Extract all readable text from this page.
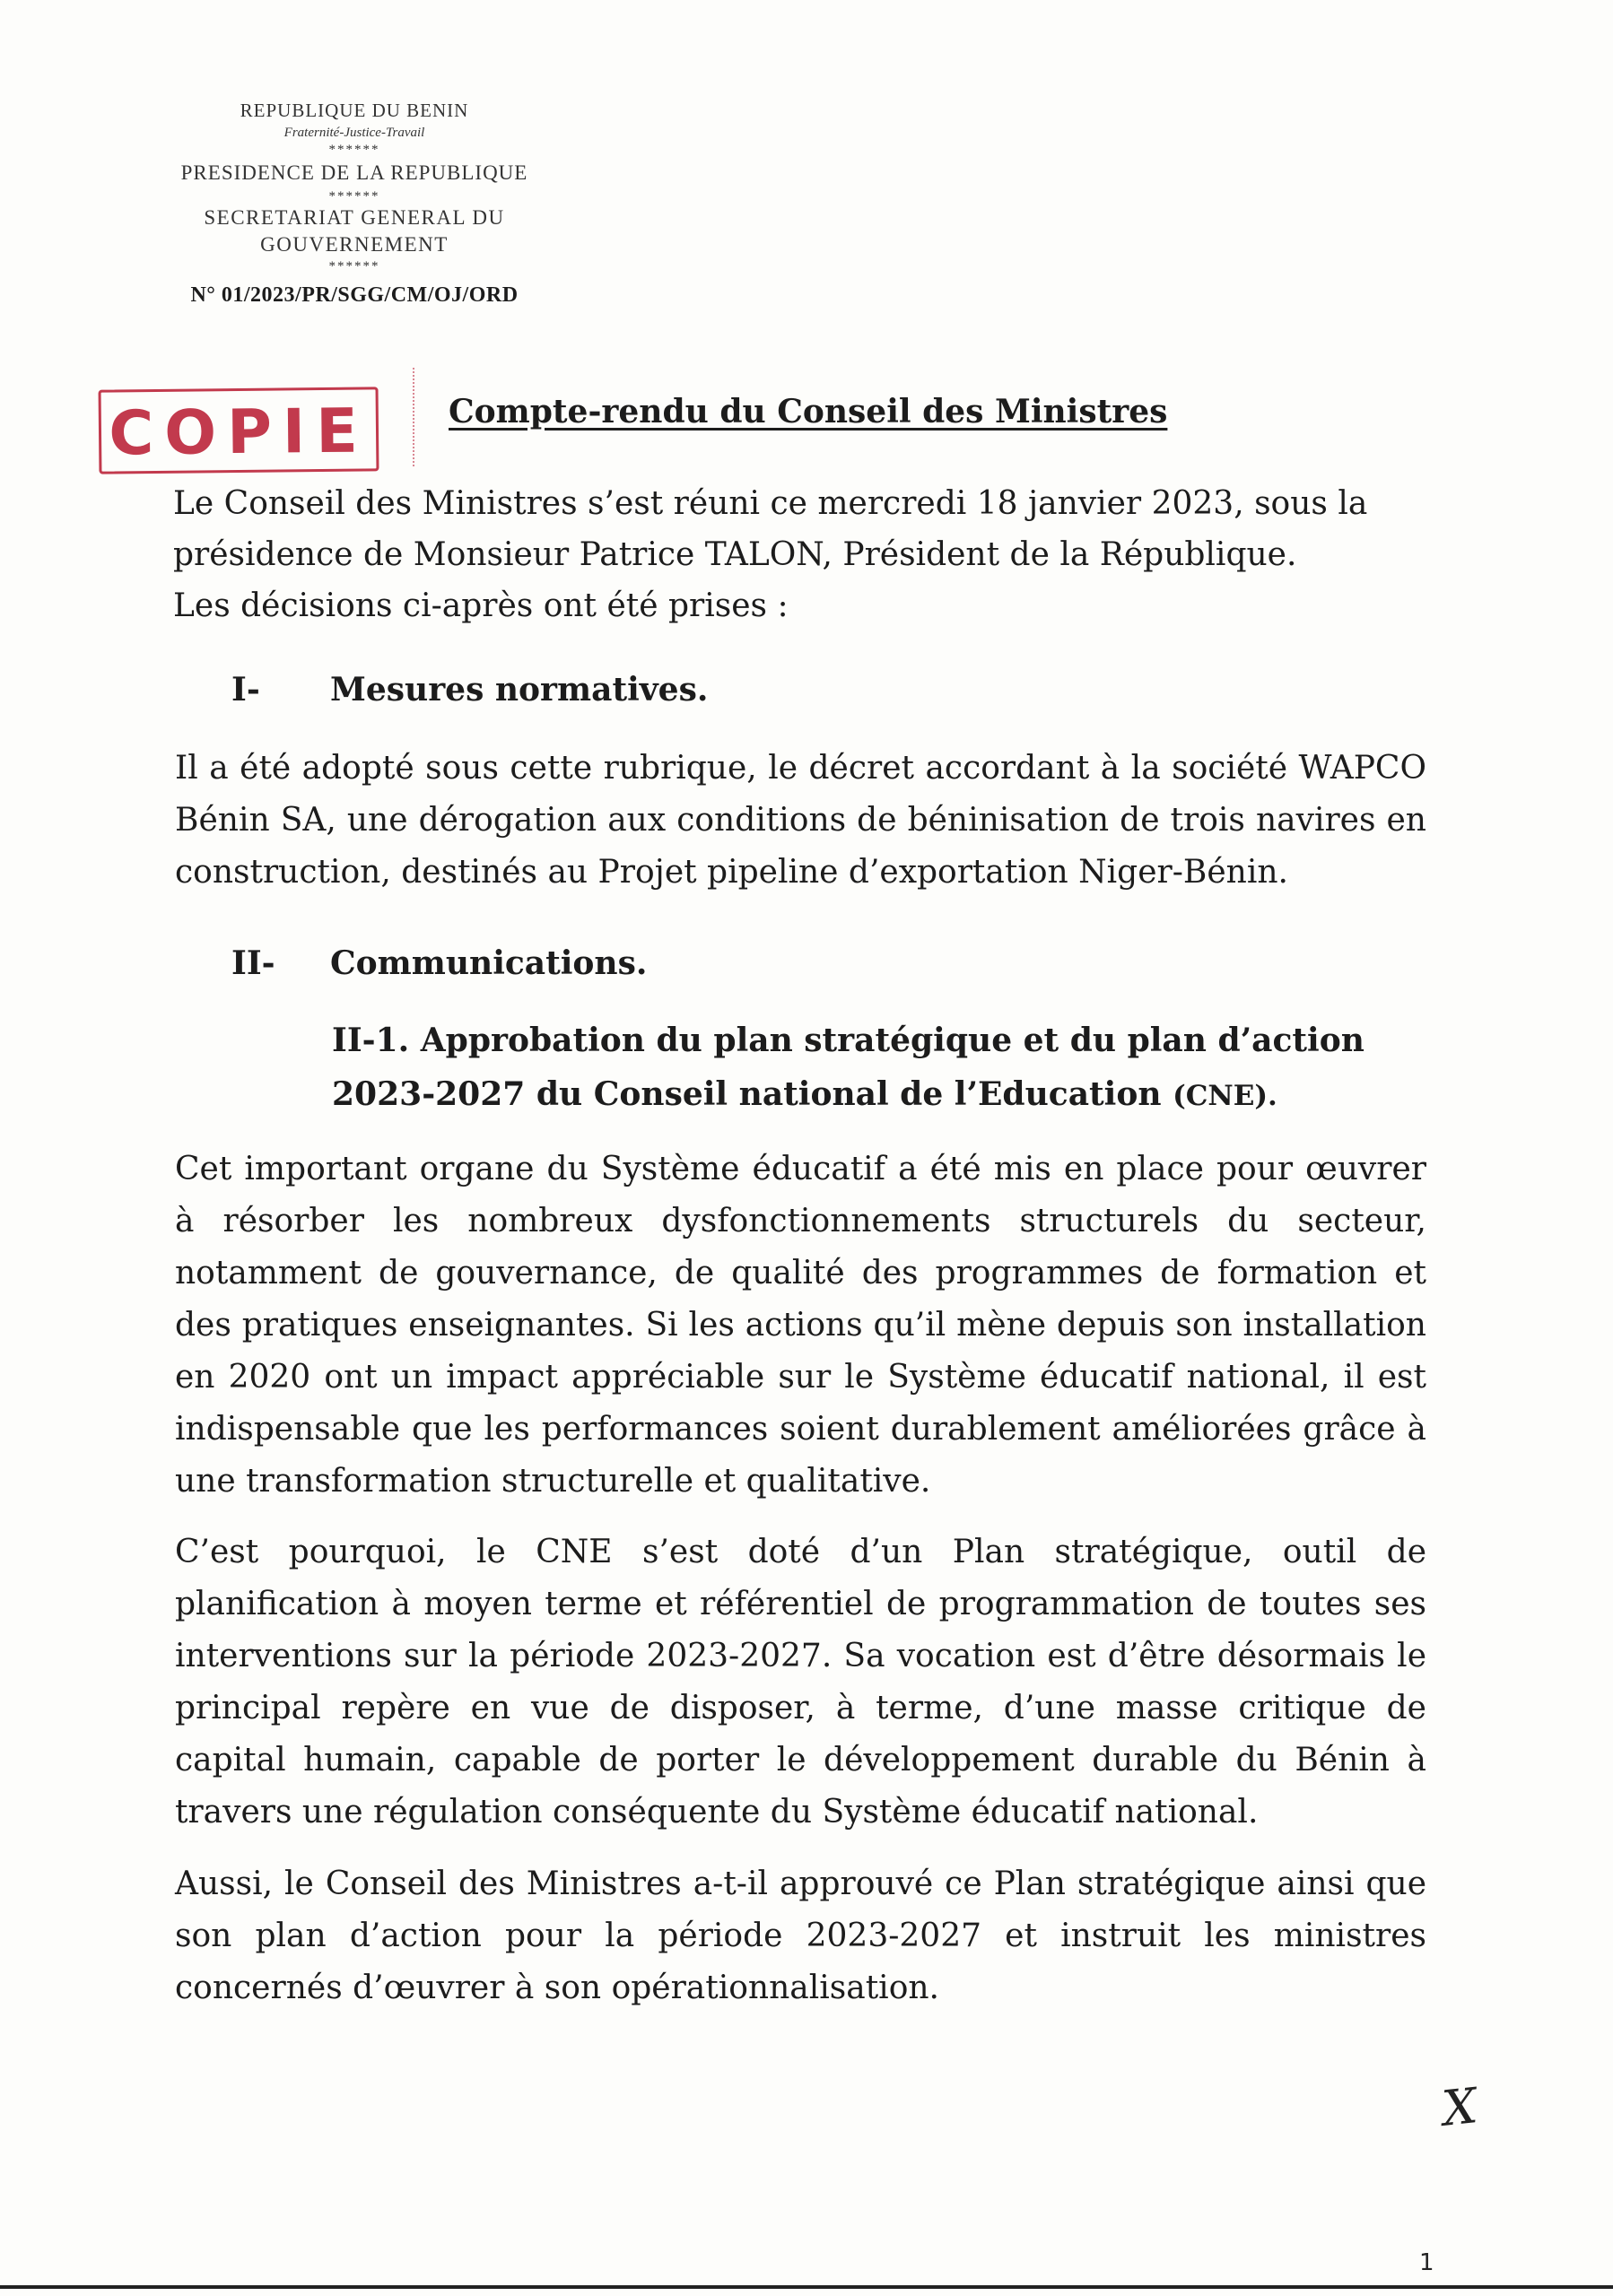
REPUBLIQUE DU BENIN
Fraternité-Justice-Travail
******
PRESIDENCE DE LA REPUBLIQUE
******
SECRETARIAT GENERAL DU
GOUVERNEMENT
******
N° 01/2023/PR/SGG/CM/OJ/ORD
COPIE	Compte-rendu du Conseil des Ministres
Le Conseil des Ministres s’est réuni ce mercredi 18 janvier 2023, sous la
présidence de Monsieur Patrice TALON, Président de la République.
Les décisions ci-après ont été prises :
I- Mesures normatives.

Il a été adopté sous cette rubrique, le décret accordant à la société WAPCO Bénin SA, une dérogation aux conditions de béninisation de trois navires en construction, destinés au Projet pipeline d’exportation Niger-Bénin.

II- Communications.
II-1. Approbation du plan stratégique et du plan d’action 2023-2027 du Conseil national de l’Education (CNE).

Cet important organe du Système éducatif a été mis en place pour œuvrer à résorber les nombreux dysfonctionnements structurels du secteur, notamment de gouvernance, de qualité des programmes de formation et des pratiques enseignantes. Si les actions qu’il mène depuis son installation en 2020 ont un impact appréciable sur le Système éducatif national, il est indispensable que les performances soient durablement améliorées grâce à une transformation structurelle et qualitative.

C’est pourquoi, le CNE s’est doté d’un Plan stratégique, outil de planification à moyen terme et référentiel de programmation de toutes ses interventions sur la période 2023-2027. Sa vocation est d’être désormais le principal repère en vue de disposer, à terme, d’une masse critique de capital humain, capable de porter le développement durable du Bénin à travers une régulation conséquente du Système éducatif national.

Aussi, le Conseil des Ministres a-t-il approuvé ce Plan stratégique ainsi que son plan d’action pour la période 2023-2027 et instruit les ministres concernés d’œuvrer à son opérationnalisation.

X
1
